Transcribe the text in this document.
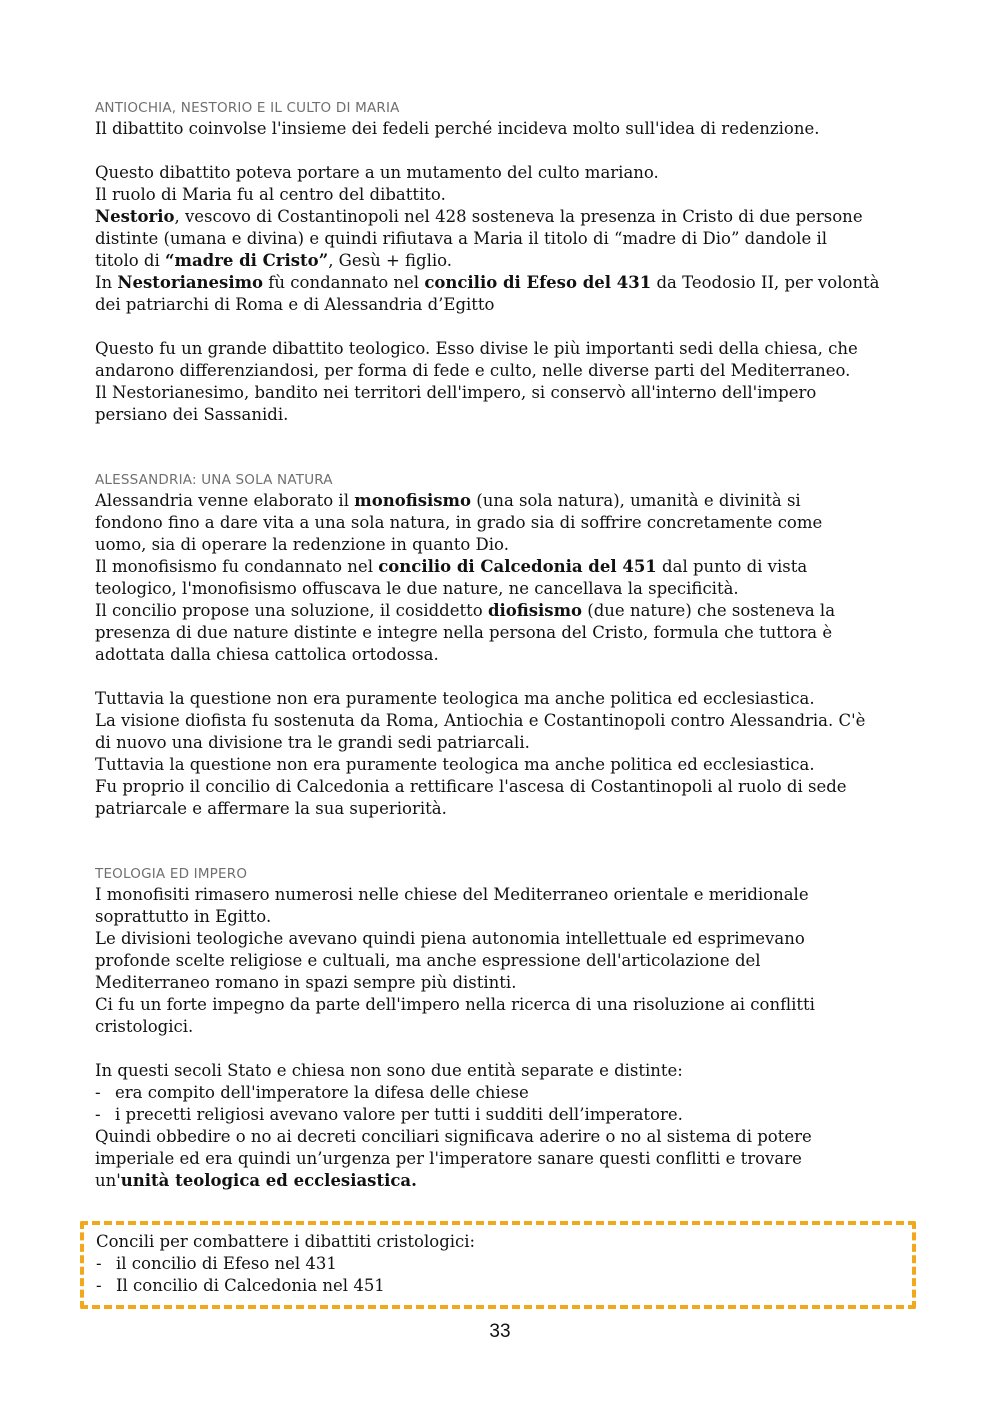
ANTIOCHIA, NESTORIO E IL CULTO DI MARIA

Il dibattito coinvolse l'insieme dei fedeli perché incideva molto sull'idea di redenzione.

Questo dibattito poteva portare a un mutamento del culto mariano.

Il ruolo di Maria fu al centro del dibattito.

Nestorio, vescovo di Costantinopoli nel 428 sosteneva la presenza in Cristo di due persone

distinte (umana e divina) e quindi rifiutava a Maria il titolo di “madre di Dio” dandole il

titolo di “madre di Cristo”, Gesù + figlio.

In Nestorianesimo fù condannato nel concilio di Efeso del 431 da Teodosio II, per volontà

dei patriarchi di Roma e di Alessandria d’Egitto

Questo fu un grande dibattito teologico. Esso divise le più importanti sedi della chiesa, che

andarono differenziandosi, per forma di fede e culto, nelle diverse parti del Mediterraneo.

Il Nestorianesimo, bandito nei territori dell'impero, si conservò all'interno dell'impero

persiano dei Sassanidi.

ALESSANDRIA: UNA SOLA NATURA

Alessandria venne elaborato il monofisismo (una sola natura), umanità e divinità si

fondono fino a dare vita a una sola natura, in grado sia di soffrire concretamente come

uomo, sia di operare la redenzione in quanto Dio.

Il monofisismo fu condannato nel concilio di Calcedonia del 451 dal punto di vista

teologico, l'monofisismo offuscava le due nature, ne cancellava la specificità.

Il concilio propose una soluzione, il cosiddetto diofisismo (due nature) che sosteneva la

presenza di due nature distinte e integre nella persona del Cristo, formula che tuttora è

adottata dalla chiesa cattolica ortodossa.

Tuttavia la questione non era puramente teologica ma anche politica ed ecclesiastica.

La visione diofista fu sostenuta da Roma, Antiochia e Costantinopoli contro Alessandria. C'è

di nuovo una divisione tra le grandi sedi patriarcali.

Tuttavia la questione non era puramente teologica ma anche politica ed ecclesiastica.

Fu proprio il concilio di Calcedonia a rettificare l'ascesa di Costantinopoli al ruolo di sede

patriarcale e affermare la sua superiorità.

TEOLOGIA ED IMPERO

I monofisiti rimasero numerosi nelle chiese del Mediterraneo orientale e meridionale

soprattutto in Egitto.

Le divisioni teologiche avevano quindi piena autonomia intellettuale ed esprimevano

profonde scelte religiose e cultuali, ma anche espressione dell'articolazione del

Mediterraneo romano in spazi sempre più distinti.

Ci fu un forte impegno da parte dell'impero nella ricerca di una risoluzione ai conflitti

cristologici.

In questi secoli Stato e chiesa non sono due entità separate e distinte:

- era compito dell'imperatore la difesa delle chiese
- i precetti religiosi avevano valore per tutti i sudditi dell’imperatore.

Quindi obbedire o no ai decreti conciliari significava aderire o no al sistema di potere

imperiale ed era quindi un’urgenza per l'imperatore sanare questi conflitti e trovare

un'unità teologica ed ecclesiastica.

Concili per combattere i dibattiti cristologici:

- il concilio di Efeso nel 431
- Il concilio di Calcedonia nel 451
33
